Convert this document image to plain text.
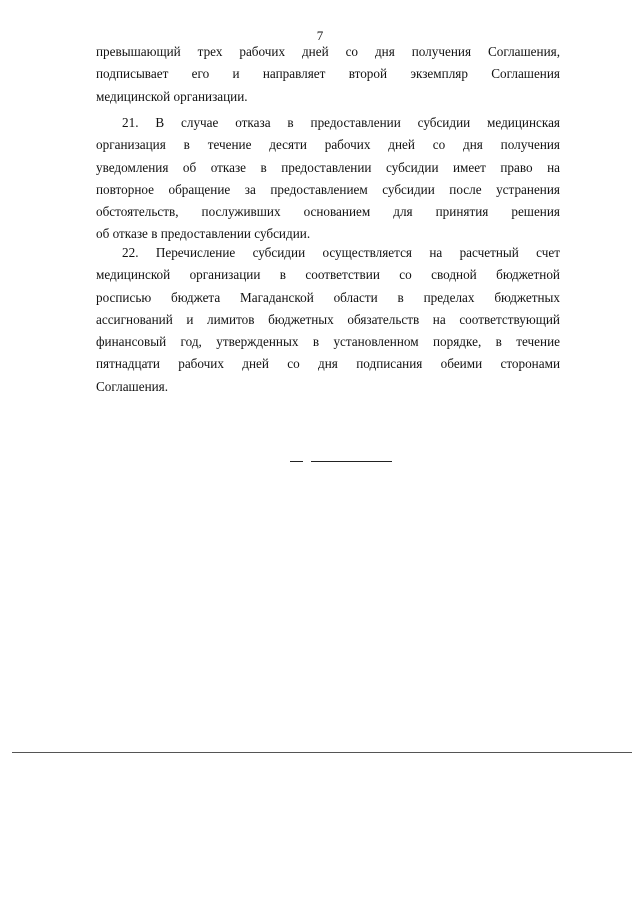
7
превышающий трех рабочих дней со дня получения Соглашения,
подписывает его и направляет второй экземпляр Соглашения
медицинской организации.
21. В случае отказа в предоставлении субсидии медицинская
организация в течение десяти рабочих дней со дня получения
уведомления об отказе в предоставлении субсидии имеет право на
повторное обращение за предоставлением субсидии после устранения
обстоятельств, послуживших основанием для принятия решения
об отказе в предоставлении субсидии.
22. Перечисление субсидии осуществляется на расчетный счет
медицинской организации в соответствии со сводной бюджетной
росписью бюджета Магаданской области в пределах бюджетных
ассигнований и лимитов бюджетных обязательств на соответствующий
финансовый год, утвержденных в установленном порядке, в течение
пятнадцати рабочих дней со дня подписания обеими сторонами
Соглашения.
